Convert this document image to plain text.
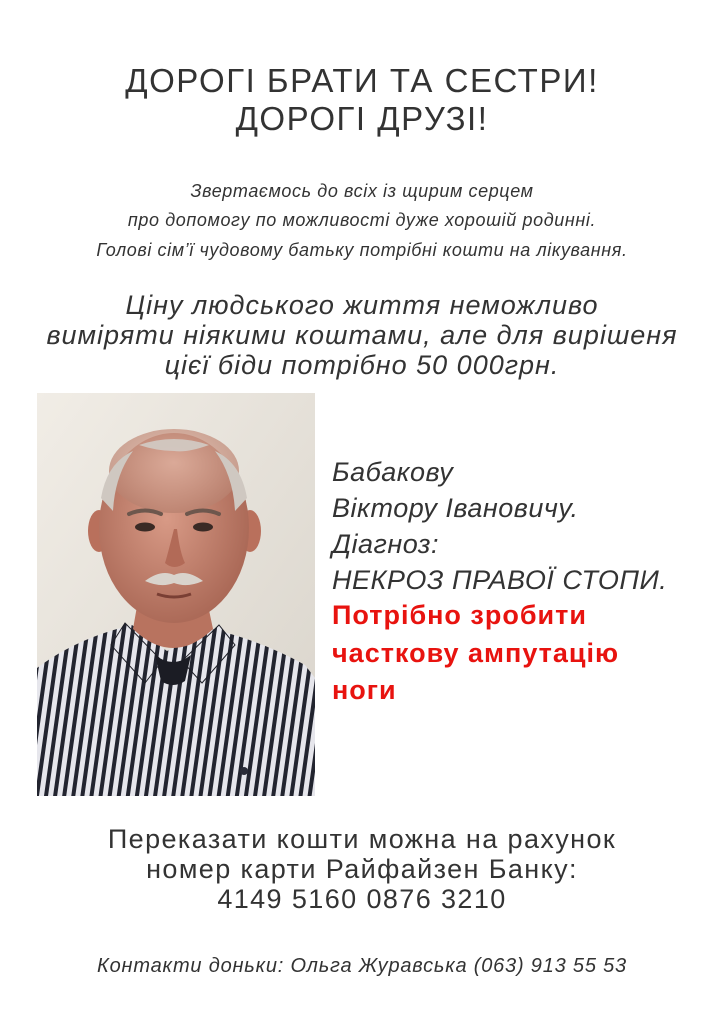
ДОРОГІ БРАТИ ТА СЕСТРИ!
ДОРОГІ ДРУЗІ!
Звертаємось до всіх із щирим серцем
про допомогу по можливості дуже хорошій родинні.
Голові сім’ї чудовому батьку потрібні кошти на лікування.
Ціну людського життя неможливо
виміряти ніякими коштами, але для вирішеня
цієї біди потрібно 50 000грн.
Бабакову
Віктору Івановичу.
Діагноз:
НЕКРОЗ ПРАВОЇ СТОПИ.
Потрібно зробити
часткову ампутацію
ноги
Переказати кошти можна на рахунок
номер карти Райфайзен Банку:
4149 5160 0876 3210
Контакти доньки: Ольга Журавська (063) 913 55 53
